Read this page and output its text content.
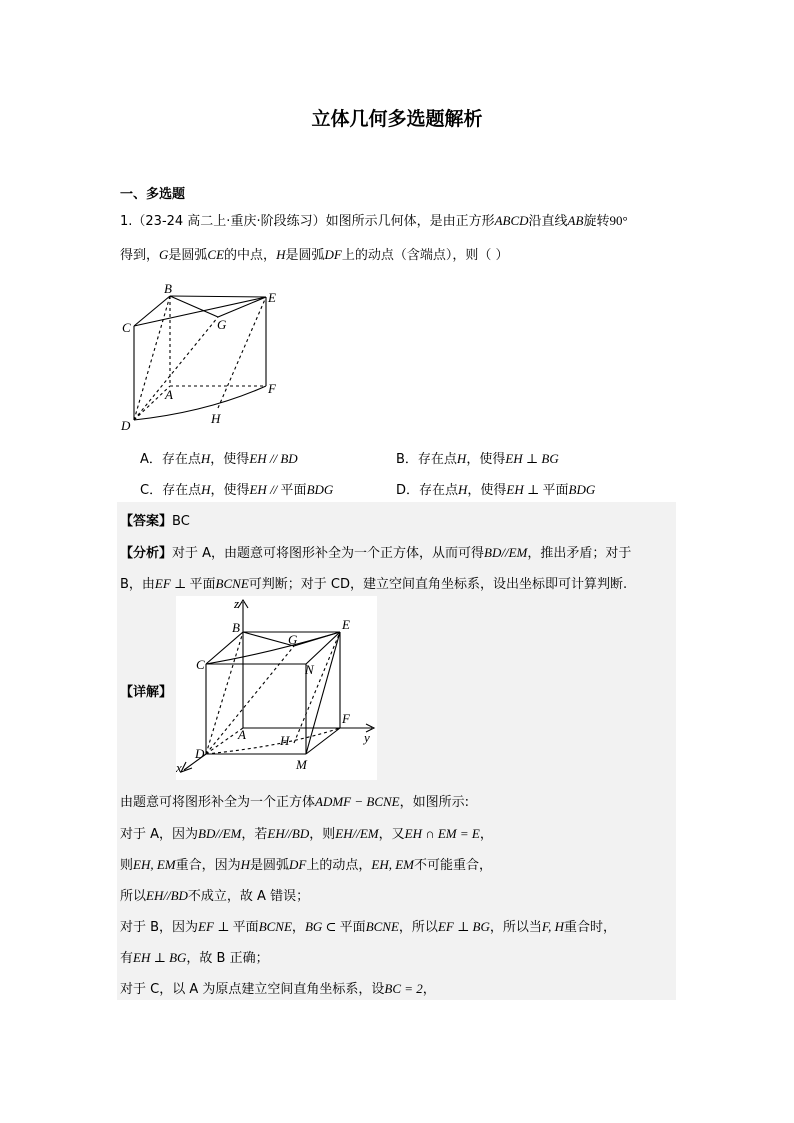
立体几何多选题解析
一、多选题
1.（23-24 高二上·重庆·阶段练习）如图所示几何体，是由正方形ABCD沿直线AB旋转90°
得到，G是圆弧CE的中点，H是圆弧DF上的动点（含端点），则（ ）
B
E
C	G
A	F
D	H
A．存在点H，使得EH // BD	B．存在点H，使得EH ⊥ BG
C．存在点H，使得EH // 平面BDG	D．存在点H，使得EH ⊥ 平面BDG
【答案】BC
【分析】对于 A，由题意可将图形补全为一个正方体，从而可得BD//EM，推出矛盾；对于
B，由EF ⊥ 平面BCNE可判断；对于 CD，建立空间直角坐标系，设出坐标即可计算判断.
【详解】
z
B	E
G
C	N
F
A	H	y
D
M
x
由题意可将图形补全为一个正方体ADMF − BCNE，如图所示:
对于 A，因为BD//EM，若EH//BD，则EH//EM，又EH ∩ EM = E，
则EH, EM重合，因为H是圆弧DF上的动点，EH, EM不可能重合，
所以EH//BD不成立，故 A 错误；
对于 B，因为EF ⊥ 平面BCNE，BG ⊂ 平面BCNE，所以EF ⊥ BG，所以当F, H重合时，
有EH ⊥ BG，故 B 正确；
对于 C，以 A 为原点建立空间直角坐标系，设BC = 2，
